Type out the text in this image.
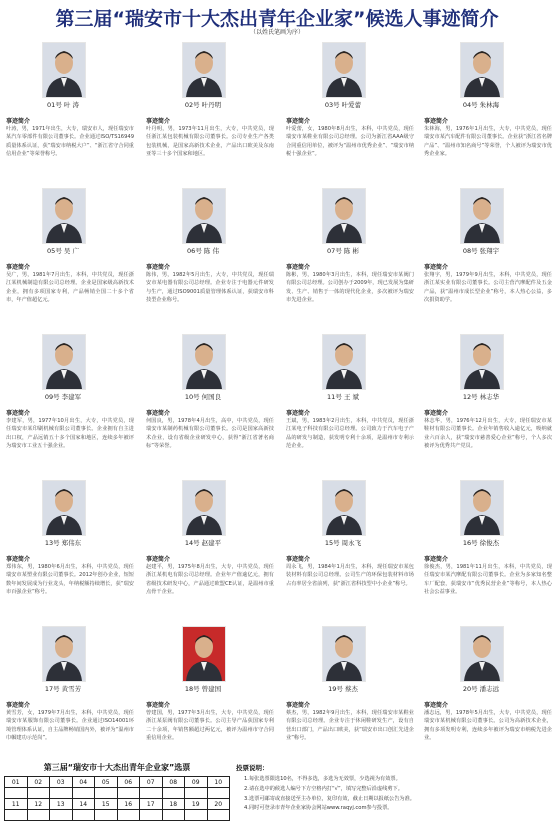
第三届“瑞安市十大杰出青年企业家”候选人事迹简介
（以姓氏笔画为序）
01号 叶 涛
事迹简介
叶涛，男，1971年出生，大专，瑞安市人，现任瑞安市某汽车零部件有限公司董事长。企业通过ISO/TS16949质量体系认证，获“瑞安市纳税大户”、“浙江省守合同重信用企业”等荣誉称号。
02号 叶丹明
事迹简介
叶丹明，男，1973年11月出生，大专，中共党员，现任浙江某包装机械有限公司董事长。公司专业生产各类包装机械，是国家高新技术企业，产品出口欧美及东南亚等三十多个国家和地区。
03号 叶爱蕾
事迹简介
叶爱蕾，女，1980年8月出生，本科，中共党员，现任瑞安市某鞋业有限公司总经理。公司为浙江省AAA级守合同重信用单位，被评为“温州市优秀企业”、“瑞安市纳税十强企业”。
04号 朱林海
事迹简介
朱林海，男，1976年1月出生，大专，中共党员，现任瑞安市某汽车配件有限公司董事长。企业获“浙江省名牌产品”、“温州市知名商号”等荣誉，个人被评为瑞安市优秀企业家。
05号 吴 广
事迹简介
吴广，男，1981年7月出生，本科，中共党员，现任浙江某机械制造有限公司总经理。企业是国家级高新技术企业，拥有多项国家专利，产品畅销全国二十多个省市，年产值超亿元。
06号 陈 伟
事迹简介
陈伟，男，1982年5月出生，大专，中共党员，现任瑞安市某电器有限公司总经理。企业专注于电器元件研发与生产，通过ISO9001质量管理体系认证，获瑞安市科技型企业称号。
07号 陈 彬
事迹简介
陈彬，男，1980年3月出生，本科，现任瑞安市某阀门有限公司总经理。公司创办于2009年，现已发展为集研发、生产、销售于一体的现代化企业，多次被评为瑞安市先进企业。
08号 张翔宇
事迹简介
张翔宇，男，1979年9月出生，本科，中共党员，现任浙江某实业有限公司董事长。公司主营汽摩配件及五金产品，获“温州市成长型企业”称号，本人热心公益，多次捐资助学。
09号 李建军
事迹简介
李建军，男，1977年10月出生，大专，中共党员，现任瑞安市某印刷机械有限公司董事长。企业拥有自主进出口权，产品远销五十多个国家和地区，连续多年被评为瑞安市工业五十强企业。
10号 何国良
事迹简介
何国良，男，1978年4月出生，高中，中共党员，现任瑞安市某制药机械有限公司董事长。公司是国家高新技术企业，设有省级企业研发中心，获得“浙江省著名商标”等荣誉。
11号 王 斌
事迹简介
王斌，男，1983年2月出生，本科，中共党员，现任浙江某电子科技有限公司总经理。公司致力于汽车电子产品的研发与制造，获发明专利十余项，是温州市专利示范企业。
12号 林志华
事迹简介
林志华，男，1976年12月出生，大专，现任瑞安市某鞋材有限公司董事长。企业年销售收入逾亿元，吸纳就业六百余人，获“瑞安市慈善爱心企业”称号，个人多次被评为优秀共产党员。
13号 郑伟东
事迹简介
郑伟东，男，1980年6月出生，本科，中共党员，现任瑞安市某塑业有限公司董事长。2012年创办企业，短短数年间发展成为行业龙头，年纳税额持续增长，获“瑞安市百强企业”称号。
14号 赵建平
事迹简介
赵建平，男，1975年8月出生，大专，中共党员，现任浙江某机电有限公司总经理。企业年产值逾亿元，拥有省级技术研发中心，产品通过欧盟CE认证，是温州市重点骨干企业。
15号 周永飞
事迹简介
周永飞，男，1984年1月出生，本科，现任瑞安市某包装材料有限公司总经理。公司生产的环保包装材料市场占有率居全省前列，获“浙江省科技型中小企业”称号。
16号 徐俊杰
事迹简介
徐俊杰，男，1981年11月出生，本科，中共党员，现任瑞安市某汽摩配有限公司董事长。企业为多家知名整车厂配套，获瑞安市“优秀民营企业”等称号，本人热心社会公益事业。
17号 黄雪芳
事迹简介
黄雪芳，女，1979年7月出生，本科，中共党员，现任瑞安市某服饰有限公司董事长。企业通过ISO14001环境管理体系认证，自主品牌畅销国内外，被评为“温州市巾帼建功示范岗”。
18号 曾建国
事迹简介
曾建国，男，1977年3月出生，大专，中共党员，现任浙江某泵阀有限公司董事长。公司主导产品获国家专利二十余项，年销售额超过两亿元，被评为温州市守合同重信用企业。
19号 蔡杰
事迹简介
蔡杰，男，1982年9月出生，本科，现任瑞安市某鞋业有限公司总经理。企业专注于休闲鞋研发生产，设有自营出口部门，产品出口欧美，获“瑞安市出口创汇先进企业”称号。
20号 潘志远
事迹简介
潘志远，男，1978年5月出生，大专，中共党员，现任瑞安市某机械有限公司董事长。公司为高新技术企业，拥有多项发明专利，连续多年被评为瑞安市纳税先进企业。
第三届“瑞安市十大杰出青年企业家”选票
01	02	03	04	05	06	07	08	09	10

11	12	13	14	15	16	17	18	19	20

投票说明：
1.每张选票限选10名，不得多选，多选为无效票，少选视为有效票。
2.请在选中的候选人编号下方空格内打“√”，填写完整后沿虚线剪下。
3.选票可邮寄或直接送至主办单位，复印有效，截止日期以报纸公告为准。
4.同时可登录市青年企业家协会网站www.raqyj.com参与投票。
